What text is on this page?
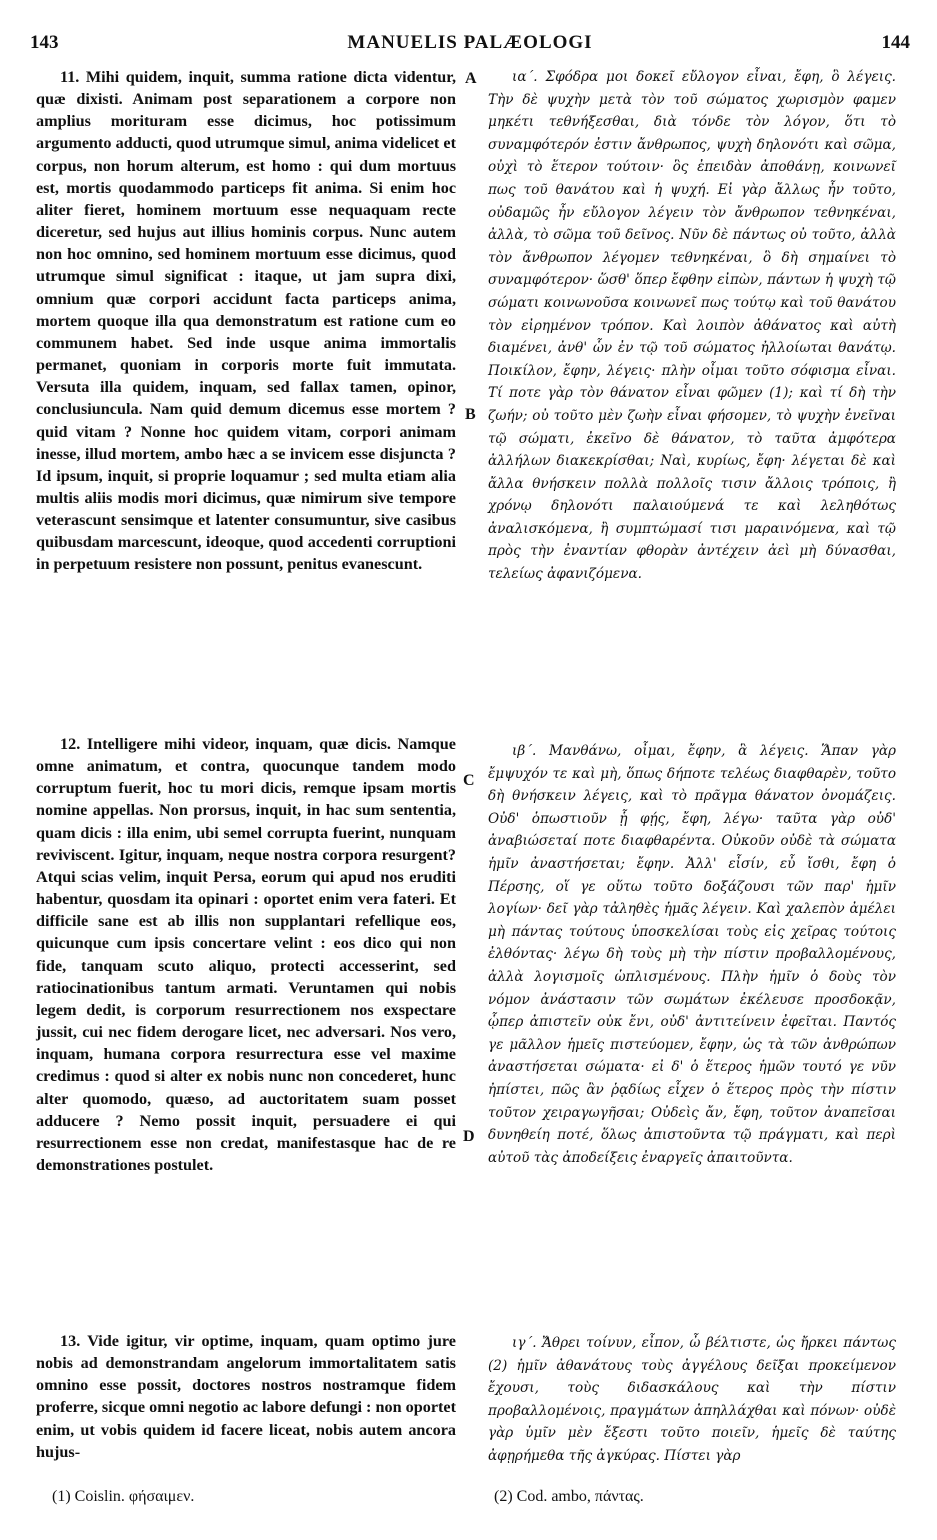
143	MANUELIS PALÆOLOGI	144

11. Mihi quidem, inquit, summa ratione dicta videntur, quæ dixisti. Animam post separationem a corpore non amplius morituram esse dicimus, hoc potissimum argumento adducti, quod utrumque simul, anima videlicet et corpus, non horum alterum, est homo : qui dum mortuus est, mortis quodammodo particeps fit anima. Si enim hoc aliter fieret, hominem mortuum esse nequaquam recte diceretur, sed hujus aut illius hominis corpus. Nunc autem non hoc omnino, sed hominem mortuum esse dicimus, quod utrumque simul significat : itaque, ut jam supra dixi, omnium quæ corpori accidunt facta particeps anima, mortem quoque illa qua demonstratum est ratione cum eo communem habet. Sed inde usque anima immortalis permanet, quoniam in corporis morte fuit immutata. Versuta illa quidem, inquam, sed fallax tamen, opinor, conclusiuncula. Nam quid demum dicemus esse mortem ? quid vitam ? Nonne hoc quidem vitam, corpori animam inesse, illud mortem, ambo hæc a se invicem esse disjuncta ? Id ipsum, inquit, si proprie loquamur ; sed multa etiam alia multis aliis modis mori dicimus, quæ nimirum sive tempore veterascunt sensimque et latenter consumuntur, sive casibus quibusdam marcescunt, ideoque, quod accedenti corruptioni in perpetuum resistere non possunt, penitus evanescunt.

12. Intelligere mihi videor, inquam, quæ dicis. Namque omne animatum, et contra, quocunque tandem modo corruptum fuerit, hoc tu mori dicis, remque ipsam mortis nomine appellas. Non prorsus, inquit, in hac sum sententia, quam dicis : illa enim, ubi semel corrupta fuerint, nunquam reviviscent. Igitur, inquam, neque nostra corpora resurgent? Atqui scias velim, inquit Persa, eorum qui apud nos eruditi habentur, quosdam ita opinari : oportet enim vera fateri. Et difficile sane est ab illis non supplantari refellique eos, quicunque cum ipsis concertare velint : eos dico qui non fide, tanquam scuto aliquo, protecti accesserint, sed ratiocinationibus tantum armati. Veruntamen qui nobis legem dedit, is corporum resurrectionem nos exspectare jussit, cui nec fidem derogare licet, nec adversari. Nos vero, inquam, humana corpora resurrectura esse vel maxime credimus : quod si alter ex nobis nunc non concederet, hunc alter quomodo, quæso, ad auctoritatem suam posset adducere ? Nemo possit inquit, persuadere ei qui resurrectionem esse non credat, manifestasque hac de re demonstrationes postulet.

13. Vide igitur, vir optime, inquam, quam optimo jure nobis ad demonstrandam angelorum immortalitatem satis omnino esse possit, doctores nostros nostramque fidem proferre, sicque omni negotio ac labore defungi : non oportet enim, ut vobis quidem id facere liceat, nobis autem ancora hujus-

A
B
C
D

ια΄. Σφόδρα μοι δοκεῖ εὔλογον εἶναι, ἔφη, ὃ λέγεις. Τὴν δὲ ψυχὴν μετὰ τὸν τοῦ σώματος χωρισμὸν φαμεν μηκέτι τεθνήξεσθαι, διὰ τόνδε τὸν λόγον, ὅτι τὸ συναμφότερόν ἐστιν ἄνθρωπος, ψυχὴ δηλονότι καὶ σῶμα, οὐχὶ τὸ ἕτερον τούτοιν· ὃς ἐπειδὰν ἀποθάνῃ, κοινωνεῖ πως τοῦ θανάτου καὶ ἡ ψυχή. Εἰ γὰρ ἄλλως ἦν τοῦτο, οὐδαμῶς ἦν εὔλογον λέγειν τὸν ἄνθρωπον τεθνηκέναι, ἀλλὰ, τὸ σῶμα τοῦ δεῖνος. Νῦν δὲ πάντως οὐ τοῦτο, ἀλλὰ τὸν ἄνθρωπον λέγομεν τεθνηκέναι, ὃ δὴ σημαίνει τὸ συναμφότερον· ὥσθ' ὅπερ ἔφθην εἰπὼν, πάντων ἡ ψυχὴ τῷ σώματι κοινωνοῦσα κοινωνεῖ πως τούτῳ καὶ τοῦ θανάτου τὸν εἰρημένον τρόπον. Καὶ λοιπὸν ἀθάνατος καὶ αὐτὴ διαμένει, ἀνθ' ὧν ἐν τῷ τοῦ σώματος ἠλλοίωται θανάτῳ. Ποικίλον, ἔφην, λέγεις· πλὴν οἶμαι τοῦτο σόφισμα εἶναι. Τί ποτε γὰρ τὸν θάνατον εἶναι φῶμεν (1); καὶ τί δὴ τὴν ζωήν; οὐ τοῦτο μὲν ζωὴν εἶναι φήσομεν, τὸ ψυχὴν ἐνεῖναι τῷ σώματι, ἐκεῖνο δὲ θάνατον, τὸ ταῦτα ἀμφότερα ἀλλήλων διακεκρίσθαι; Ναὶ, κυρίως, ἔφη· λέγεται δὲ καὶ ἄλλα θνήσκειν πολλὰ πολλοῖς τισιν ἄλλοις τρόποις, ἢ χρόνῳ δηλονότι παλαιούμενά τε καὶ λεληθότως ἀναλισκόμενα, ἢ συμπτώμασί τισι μαραινόμενα, καὶ τῷ πρὸς τὴν ἐναντίαν φθορὰν ἀντέχειν ἀεὶ μὴ δύνασθαι, τελείως ἀφανιζόμενα.

ιβ΄. Μανθάνω, οἶμαι, ἔφην, ἃ λέγεις. Ἅπαν γὰρ ἔμψυχόν τε καὶ μὴ, ὅπως δήποτε τελέως διαφθαρὲν, τοῦτο δὴ θνήσκειν λέγεις, καὶ τὸ πρᾶγμα θάνατον ὀνομάζεις. Οὐδ' ὁπωστιοῦν ᾗ φῄς, ἔφη, λέγω· ταῦτα γὰρ οὐδ' ἀναβιώσεταί ποτε διαφθαρέντα. Οὐκοῦν οὐδὲ τὰ σώματα ἡμῖν ἀναστήσεται; ἔφην. Ἀλλ' εἶσίν, εὖ ἴσθι, ἔφη ὁ Πέρσης, οἵ γε οὕτω τοῦτο δοξάζουσι τῶν παρ' ἡμῖν λογίων· δεῖ γὰρ τἀληθὲς ἡμᾶς λέγειν. Καὶ χαλεπὸν ἀμέλει μὴ πάντας τούτους ὑποσκελίσαι τοὺς εἰς χεῖρας τούτοις ἐλθόντας· λέγω δὴ τοὺς μὴ τὴν πίστιν προβαλλομένους, ἀλλὰ λογισμοῖς ὡπλισμένους. Πλὴν ἡμῖν ὁ δοὺς τὸν νόμον ἀνάστασιν τῶν σωμάτων ἐκέλευσε προσδοκᾷν, ᾧπερ ἀπιστεῖν οὐκ ἔνι, οὐδ' ἀντιτείνειν ἐφεῖται. Παντός γε μᾶλλον ἡμεῖς πιστεύομεν, ἔφην, ὡς τὰ τῶν ἀνθρώπων ἀναστήσεται σώματα· εἰ δ' ὁ ἕτερος ἡμῶν τουτό γε νῦν ἠπίστει, πῶς ἂν ῥᾳδίως εἶχεν ὁ ἕτερος πρὸς τὴν πίστιν τοῦτον χειραγωγῆσαι; Οὐδεὶς ἄν, ἔφη, τοῦτον ἀναπεῖσαι δυνηθείη ποτέ, ὅλως ἀπιστοῦντα τῷ πράγματι, καὶ περὶ αὐτοῦ τὰς ἀποδείξεις ἐναργεῖς ἀπαιτοῦντα.

ιγ΄. Ἄθρει τοίνυν, εἶπον, ὦ βέλτιστε, ὡς ἤρκει πάντως (2) ἡμῖν ἀθανάτους τοὺς ἀγγέλους δεῖξαι προκείμενον ἔχουσι, τοὺς διδασκάλους καὶ τὴν πίστιν προβαλλομένοις, πραγμάτων ἀπηλλάχθαι καὶ πόνων· οὐδὲ γὰρ ὑμῖν μὲν ἔξεστι τοῦτο ποιεῖν, ἡμεῖς δὲ ταύτης ἀφῃρήμεθα τῆς ἀγκύρας. Πίστει γὰρ

(1) Coislin. φήσαιμεν.	(2) Cod. ambo, πάντας.
